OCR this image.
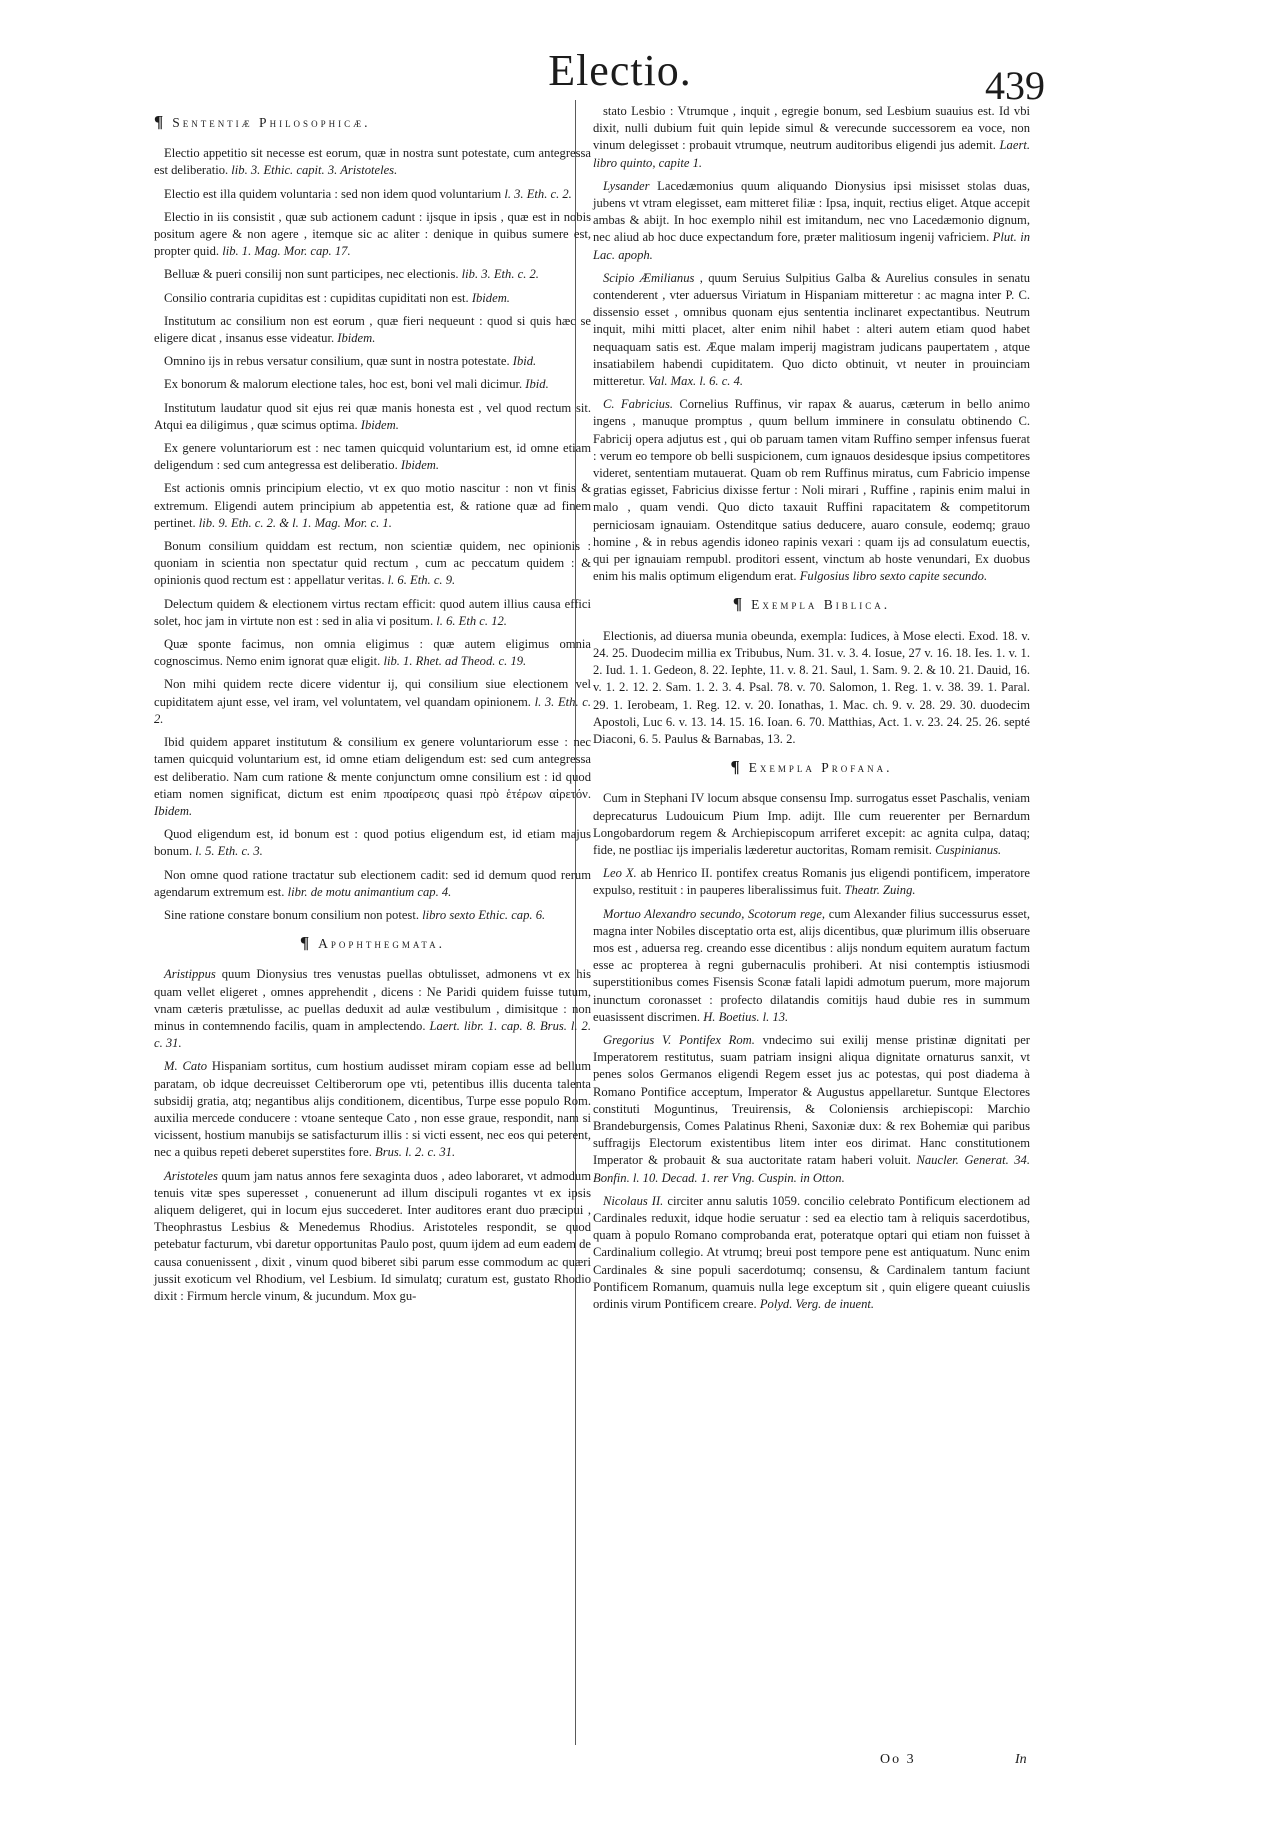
Electio.	439
¶ Sententiæ Philosophicæ.

Electio appetitio sit necesse est eorum, quæ in nostra sunt potestate, cum antegressa est deliberatio. lib. 3. Ethic. capit. 3. Aristoteles.

Electio est illa quidem voluntaria : sed non idem quod voluntarium l. 3. Eth. c. 2.

Electio in iis consistit , quæ sub actionem cadunt : ijsque in ipsis , quæ est in nobis positum agere & non agere , itemque sic ac aliter : denique in quibus sumere est, propter quid. lib. 1. Mag. Mor. cap. 17.

Belluæ & pueri consilij non sunt participes, nec electionis. lib. 3. Eth. c. 2.

Consilio contraria cupiditas est : cupiditas cupiditati non est. Ibidem.

Institutum ac consilium non est eorum , quæ fieri nequeunt : quod si quis hæc se eligere dicat , insanus esse videatur. Ibidem.

Omnino ijs in rebus versatur consilium, quæ sunt in nostra potestate. Ibid.

Ex bonorum & malorum electione tales, hoc est, boni vel mali dicimur. Ibid.

Institutum laudatur quod sit ejus rei quæ manis honesta est , vel quod rectum sit. Atqui ea diligimus , quæ scimus optima. Ibidem.

Ex genere voluntariorum est : nec tamen quicquid voluntarium est, id omne etiam deligendum : sed cum antegressa est deliberatio. Ibidem.

Est actionis omnis principium electio, vt ex quo motio nascitur : non vt finis & extremum. Eligendi autem principium ab appetentia est, & ratione quæ ad finem pertinet. lib. 9. Eth. c. 2. & l. 1. Mag. Mor. c. 1.

Bonum consilium quiddam est rectum, non scientiæ quidem, nec opinionis : quoniam in scientia non spectatur quid rectum , cum ac peccatum quidem : & opinionis quod rectum est : appellatur veritas. l. 6. Eth. c. 9.

Delectum quidem & electionem virtus rectam efficit: quod autem illius causa effici solet, hoc jam in virtute non est : sed in alia vi positum. l. 6. Eth c. 12.

Quæ sponte facimus, non omnia eligimus : quæ autem eligimus omnia cognoscimus. Nemo enim ignorat quæ eligit. lib. 1. Rhet. ad Theod. c. 19.

Non mihi quidem recte dicere videntur ij, qui consilium siue electionem vel cupiditatem ajunt esse, vel iram, vel voluntatem, vel quandam opinionem. l. 3. Eth. c. 2.

Ibid quidem apparet institutum & consilium ex genere voluntariorum esse : nec tamen quicquid voluntarium est, id omne etiam deligendum est: sed cum antegressa est deliberatio. Nam cum ratione & mente conjunctum omne consilium est : id quod etiam nomen significat, dictum est enim προαίρεσις quasi πρὸ ἑτέρων αἱρετόν. Ibidem.

Quod eligendum est, id bonum est : quod potius eligendum est, id etiam majus bonum. l. 5. Eth. c. 3.

Non omne quod ratione tractatur sub electionem cadit: sed id demum quod rerum agendarum extremum est. libr. de motu animantium cap. 4.

Sine ratione constare bonum consilium non potest. libro sexto Ethic. cap. 6.

¶ Apophthegmata.

Aristippus quum Dionysius tres venustas puellas obtulisset, admonens vt ex his quam vellet eligeret , omnes apprehendit , dicens : Ne Paridi quidem fuisse tutum, vnam cæteris prætulisse, ac puellas deduxit ad aulæ vestibulum , dimisitque : non minus in contemnendo facilis, quam in amplectendo. Laert. libr. 1. cap. 8. Brus. l. 2. c. 31.

M. Cato Hispaniam sortitus, cum hostium audisset miram copiam esse ad bellum paratam, ob idque decreuisset Celtiberorum ope vti, petentibus illis ducenta talenta subsidij gratia, atq; negantibus alijs conditionem, dicentibus, Turpe esse populo Rom. auxilia mercede conducere : vtoane senteque Cato , non esse graue, respondit, nam si vicissent, hostium manubijs se satisfacturum illis : si victi essent, nec eos qui peterent, nec a quibus repeti deberet superstites fore. Brus. l. 2. c. 31.

Aristoteles quum jam natus annos fere sexaginta duos , adeo laboraret, vt admodum tenuis vitæ spes superesset , conuenerunt ad illum discipuli rogantes vt ex ipsis aliquem deligeret, qui in locum ejus succederet. Inter auditores erant duo præcipui , Theophrastus Lesbius & Menedemus Rhodius. Aristoteles respondit, se quod petebatur facturum, vbi daretur opportunitas Paulo post, quum ijdem ad eum eadem de causa conuenissent , dixit , vinum quod biberet sibi parum esse commodum ac quæri jussit exoticum vel Rhodium, vel Lesbium. Id simulatq; curatum est, gustato Rhodio dixit : Firmum hercle vinum, & jucundum. Mox gu-

stato Lesbio : Vtrumque , inquit , egregie bonum, sed Lesbium suauius est. Id vbi dixit, nulli dubium fuit quin lepide simul & verecunde successorem ea voce, non vinum delegisset : probauit vtrumque, neutrum auditoribus eligendi jus ademit. Laert. libro quinto, capite 1.

Lysander Lacedæmonius quum aliquando Dionysius ipsi misisset stolas duas, jubens vt vtram elegisset, eam mitteret filiæ : Ipsa, inquit, rectius eliget. Atque accepit ambas & abijt. In hoc exemplo nihil est imitandum, nec vno Lacedæmonio dignum, nec aliud ab hoc duce expectandum fore, præter malitiosum ingenij vafriciem. Plut. in Lac. apoph.

Scipio Æmilianus , quum Seruius Sulpitius Galba & Aurelius consules in senatu contenderent , vter aduersus Viriatum in Hispaniam mitteretur : ac magna inter P. C. dissensio esset , omnibus quonam ejus sententia inclinaret expectantibus. Neutrum inquit, mihi mitti placet, alter enim nihil habet : alteri autem etiam quod habet nequaquam satis est. Æque malam imperij magistram judicans paupertatem , atque insatiabilem habendi cupiditatem. Quo dicto obtinuit, vt neuter in prouinciam mitteretur. Val. Max. l. 6. c. 4.

C. Fabricius. Cornelius Ruffinus, vir rapax & auarus, cæterum in bello animo ingens , manuque promptus , quum bellum imminere in consulatu obtinendo C. Fabricij opera adjutus est , qui ob paruam tamen vitam Ruffino semper infensus fuerat : verum eo tempore ob belli suspicionem, cum ignauos desidesque ipsius competitores videret, sententiam mutauerat. Quam ob rem Ruffinus miratus, cum Fabricio impense gratias egisset, Fabricius dixisse fertur : Noli mirari , Ruffine , rapinis enim malui in malo , quam vendi. Quo dicto taxauit Ruffini rapacitatem & competitorum perniciosam ignauiam. Ostenditque satius deducere, auaro consule, eodemq; grauo homine , & in rebus agendis idoneo rapinis vexari : quam ijs ad consulatum euectis, qui per ignauiam rempubl. proditori essent, vinctum ab hoste venundari, Ex duobus enim his malis optimum eligendum erat. Fulgosius libro sexto capite secundo.

¶ Exempla Biblica.

Electionis, ad diuersa munia obeunda, exempla: Iudices, à Mose electi. Exod. 18. v. 24. 25. Duodecim millia ex Tribubus, Num. 31. v. 3. 4. Iosue, 27 v. 16. 18. Ies. 1. v. 1. 2. Iud. 1. 1. Gedeon, 8. 22. Iephte, 11. v. 8. 21. Saul, 1. Sam. 9. 2. & 10. 21. Dauid, 16. v. 1. 2. 12. 2. Sam. 1. 2. 3. 4. Psal. 78. v. 70. Salomon, 1. Reg. 1. v. 38. 39. 1. Paral. 29. 1. Ierobeam, 1. Reg. 12. v. 20. Ionathas, 1. Mac. ch. 9. v. 28. 29. 30. duodecim Apostoli, Luc 6. v. 13. 14. 15. 16. Ioan. 6. 70. Matthias, Act. 1. v. 23. 24. 25. 26. septé Diaconi, 6. 5. Paulus & Barnabas, 13. 2.

¶ Exempla Profana.

Cum in Stephani IV locum absque consensu Imp. surrogatus esset Paschalis, veniam deprecaturus Ludouicum Pium Imp. adijt. Ille cum reuerenter per Bernardum Longobardorum regem & Archiepiscopum arriferet excepit: ac agnita culpa, dataq; fide, ne postliac ijs imperialis læderetur auctoritas, Romam remisit. Cuspinianus.

Leo X. ab Henrico II. pontifex creatus Romanis jus eligendi pontificem, imperatore expulso, restituit : in pauperes liberalissimus fuit. Theatr. Zuing.

Mortuo Alexandro secundo, Scotorum rege, cum Alexander filius successurus esset, magna inter Nobiles disceptatio orta est, alijs dicentibus, quæ plurimum illis obseruare mos est , aduersa reg. creando esse dicentibus : alijs nondum equitem auratum factum esse ac propterea à regni gubernaculis prohiberi. At nisi contemptis istiusmodi superstitionibus comes Fisensis Sconæ fatali lapidi admotum puerum, more majorum inunctum coronasset : profecto dilatandis comitijs haud dubie res in summum euasissent discrimen. H. Boetius. l. 13.

Gregorius V. Pontifex Rom. vndecimo sui exilij mense pristinæ dignitati per Imperatorem restitutus, suam patriam insigni aliqua dignitate ornaturus sanxit, vt penes solos Germanos eligendi Regem esset jus ac potestas, qui post diadema à Romano Pontifice acceptum, Imperator & Augustus appellaretur. Suntque Electores constituti Moguntinus, Treuirensis, & Coloniensis archiepiscopi: Marchio Brandeburgensis, Comes Palatinus Rheni, Saxoniæ dux: & rex Bohemiæ qui paribus suffragijs Electorum existentibus litem inter eos dirimat. Hanc constitutionem Imperator & probauit & sua auctoritate ratam haberi voluit. Naucler. Generat. 34. Bonfin. l. 10. Decad. 1. rer Vng. Cuspin. in Otton.

Nicolaus II. circiter annu salutis 1059. concilio celebrato Pontificum electionem ad Cardinales reduxit, idque hodie seruatur : sed ea electio tam à reliquis sacerdotibus, quam à populo Romano comprobanda erat, poteratque optari qui etiam non fuisset à Cardinalium collegio. At vtrumq; breui post tempore pene est antiquatum. Nunc enim Cardinales & sine populi sacerdotumq; consensu, & Cardinalem tantum faciunt Pontificem Romanum, quamuis nulla lege exceptum sit , quin eligere queant cuiuslis ordinis virum Pontificem creare. Polyd. Verg. de inuent.

Oo 3	In
